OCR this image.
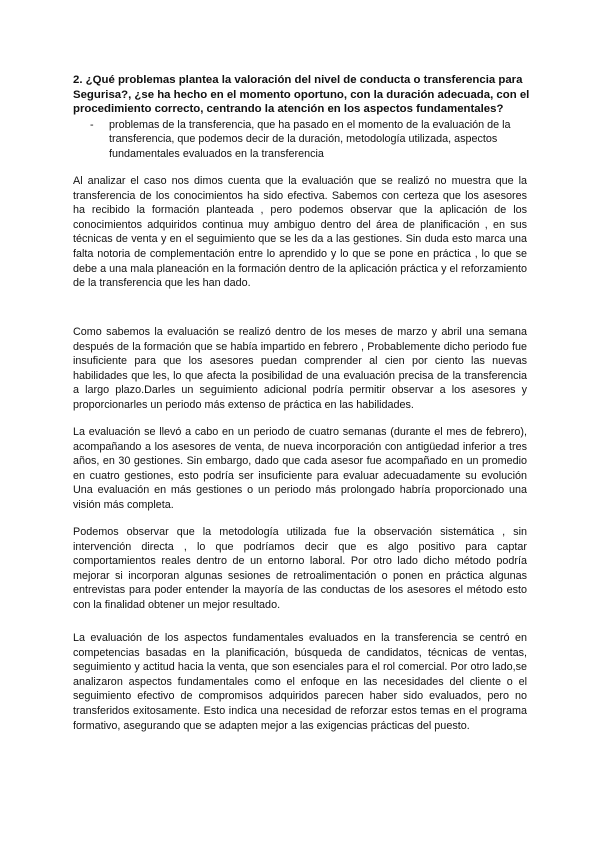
2. ¿Qué problemas plantea la valoración del nivel de conducta o transferencia para Segurisa?, ¿se ha hecho en el momento oportuno, con la duración adecuada, con el procedimiento correcto, centrando la atención en los aspectos fundamentales?

- problemas de la transferencia, que ha pasado en el momento de la evaluación de la transferencia, que podemos decir de la duración, metodología utilizada, aspectos fundamentales evaluados en la transferencia

Al analizar el caso nos dimos cuenta que la evaluación que se realizó no muestra que la transferencia de los conocimientos ha sido efectiva. Sabemos con certeza que los asesores ha recibido la formación planteada , pero podemos observar que la aplicación de los conocimientos adquiridos continua muy ambiguo dentro del área de planificación , en sus técnicas de venta y en el seguimiento que se les da a las gestiones. Sin duda esto marca una falta notoria de complementación entre lo aprendido y lo que se pone en práctica , lo que se debe a una mala planeación en la formación dentro de la aplicación práctica y el reforzamiento de la transferencia que les han dado.

Como sabemos la evaluación se realizó dentro de los meses de marzo y abril una semana después de la formación que se había impartido en febrero , Probablemente dicho periodo fue insuficiente para que los asesores puedan comprender al cien por ciento las nuevas habilidades que les, lo que afecta la posibilidad de una evaluación precisa de la transferencia a largo plazo.Darles un seguimiento adicional podría permitir observar a los asesores y proporcionarles un periodo más extenso de práctica en las habilidades.

La evaluación se llevó a cabo en un periodo de cuatro semanas (durante el mes de febrero), acompañando a los asesores de venta, de nueva incorporación con antigüedad inferior a tres años, en 30 gestiones. Sin embargo, dado que cada asesor fue acompañado en un promedio en cuatro gestiones, esto podría ser insuficiente para evaluar adecuadamente su evolución Una evaluación en más gestiones o un periodo más prolongado habría proporcionado una visión más completa.

Podemos observar que la metodología utilizada fue la observación sistemática , sin intervención directa , lo que podríamos decir que es algo positivo para captar comportamientos reales dentro de un entorno laboral. Por otro lado dicho método podría mejorar si incorporan algunas sesiones de retroalimentación o ponen en práctica algunas entrevistas para poder entender la mayoría de las conductas de los asesores el método esto con la finalidad obtener un mejor resultado.

La evaluación de los aspectos fundamentales evaluados en la transferencia se centró en competencias basadas en la planificación, búsqueda de candidatos, técnicas de ventas, seguimiento y actitud hacia la venta, que son esenciales para el rol comercial. Por otro lado,se analizaron aspectos fundamentales como el enfoque en las necesidades del cliente o el seguimiento efectivo de compromisos adquiridos parecen haber sido evaluados, pero no transferidos exitosamente. Esto indica una necesidad de reforzar estos temas en el programa formativo, asegurando que se adapten mejor a las exigencias prácticas del puesto.
